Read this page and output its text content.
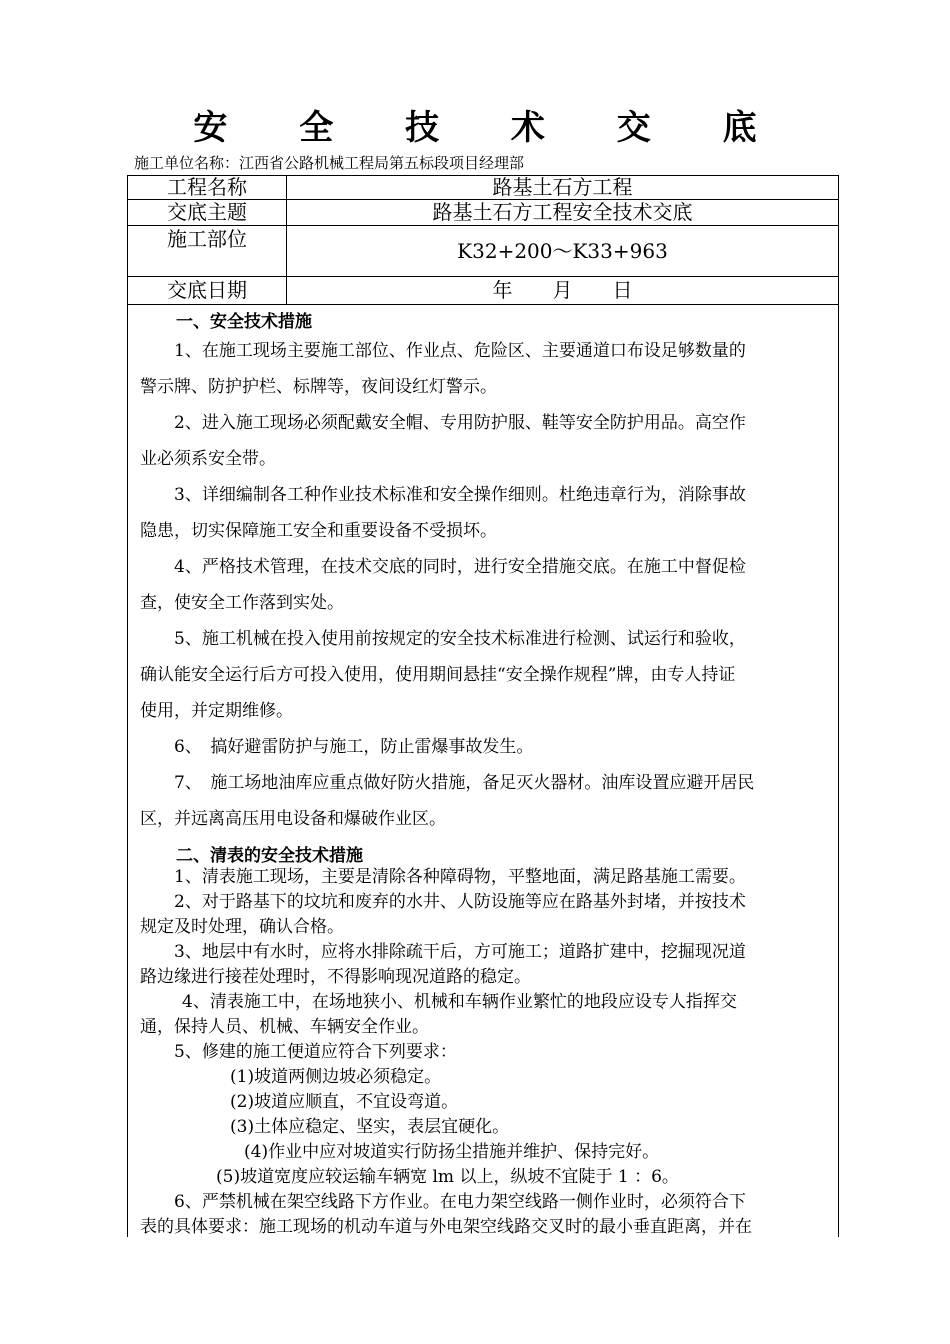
安 全 技 术 交 底
施工单位名称：江西省公路机械工程局第五标段项目经理部
工程名称	路基土石方工程
交底主题	路基土石方工程安全技术交底
施工部位	K32+200～K33+963
交底日期	年　　月　　日
一、安全技术措施
1、在施工现场主要施工部位、作业点、危险区、主要通道口布设足够数量的
警示牌、防护护栏、标牌等，夜间设红灯警示。
2、进入施工现场必须配戴安全帽、专用防护服、鞋等安全防护用品。高空作
业必须系安全带。
3、详细编制各工种作业技术标准和安全操作细则。杜绝违章行为，消除事故
隐患，切实保障施工安全和重要设备不受损坏。
4、严格技术管理，在技术交底的同时，进行安全措施交底。在施工中督促检
查，使安全工作落到实处。
5、施工机械在投入使用前按规定的安全技术标准进行检测、试运行和验收，
确认能安全运行后方可投入使用，使用期间悬挂“安全操作规程”牌，由专人持证
使用，并定期维修。
6、　搞好避雷防护与施工，防止雷爆事故发生。
7、　施工场地油库应重点做好防火措施，备足灭火器材。油库设置应避开居民
区，并远离高压用电设备和爆破作业区。
二、清表的安全技术措施
1、清表施工现场，主要是清除各种障碍物，平整地面，满足路基施工需要。
2、对于路基下的坟坑和废弃的水井、人防设施等应在路基外封堵，并按技术
规定及时处理，确认合格。
3、地层中有水时，应将水排除疏干后，方可施工；道路扩建中，挖掘现况道
路边缘进行接茬处理时，不得影响现况道路的稳定。
4、清表施工中，在场地狭小、机械和车辆作业繁忙的地段应设专人指挥交
通，保持人员、机械、车辆安全作业。
5、修建的施工便道应符合下列要求：
(1)坡道两侧边坡必须稳定。
(2)坡道应顺直，不宜设弯道。
(3)土体应稳定、坚实，表层宜硬化。
(4)作业中应对坡道实行防扬尘措施并维护、保持完好。
(5)坡道宽度应较运输车辆宽 lm 以上，纵坡不宜陡于 1 ：6。
6、严禁机械在架空线路下方作业。在电力架空线路一侧作业时，必须符合下
表的具体要求：施工现场的机动车道与外电架空线路交叉时的最小垂直距离，并在
